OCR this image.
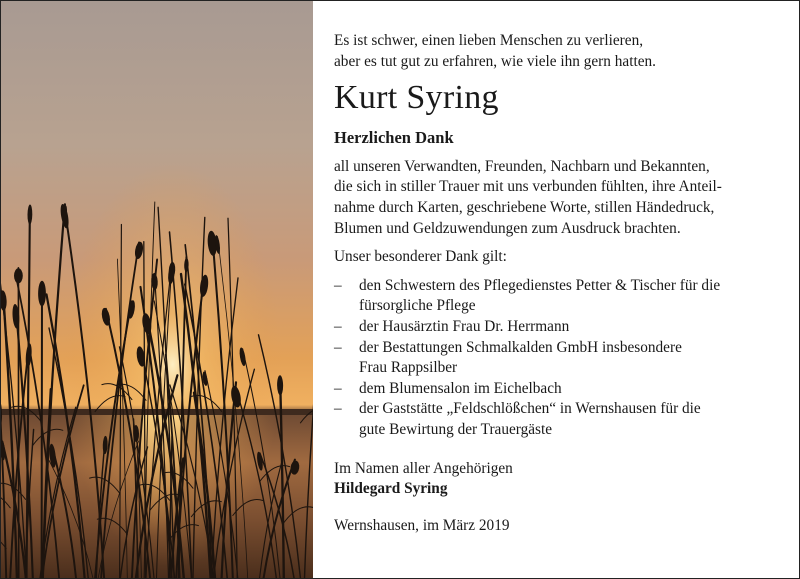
Es ist schwer, einen lieben Menschen zu verlieren,
aber es tut gut zu erfahren, wie viele ihn gern hatten.
Kurt Syring
Herzlichen Dank
all unseren Verwandten, Freunden, Nachbarn und Bekannten,
die sich in stiller Trauer mit uns verbunden fühlten, ihre Anteil-
nahme durch Karten, geschriebene Worte, stillen Händedruck,
Blumen und Geldzuwendungen zum Ausdruck brachten.
Unser besonderer Dank gilt:
– den Schwestern des Pflegedienstes Petter & Tischer für die
fürsorgliche Pflege
– der Hausärztin Frau Dr. Herrmann
– der Bestattungen Schmalkalden GmbH insbesondere
Frau Rappsilber
– dem Blumensalon im Eichelbach
– der Gaststätte „Feldschlößchen“ in Wernshausen für die
gute Bewirtung der Trauergäste
Im Namen aller Angehörigen
Hildegard Syring
Wernshausen, im März 2019
